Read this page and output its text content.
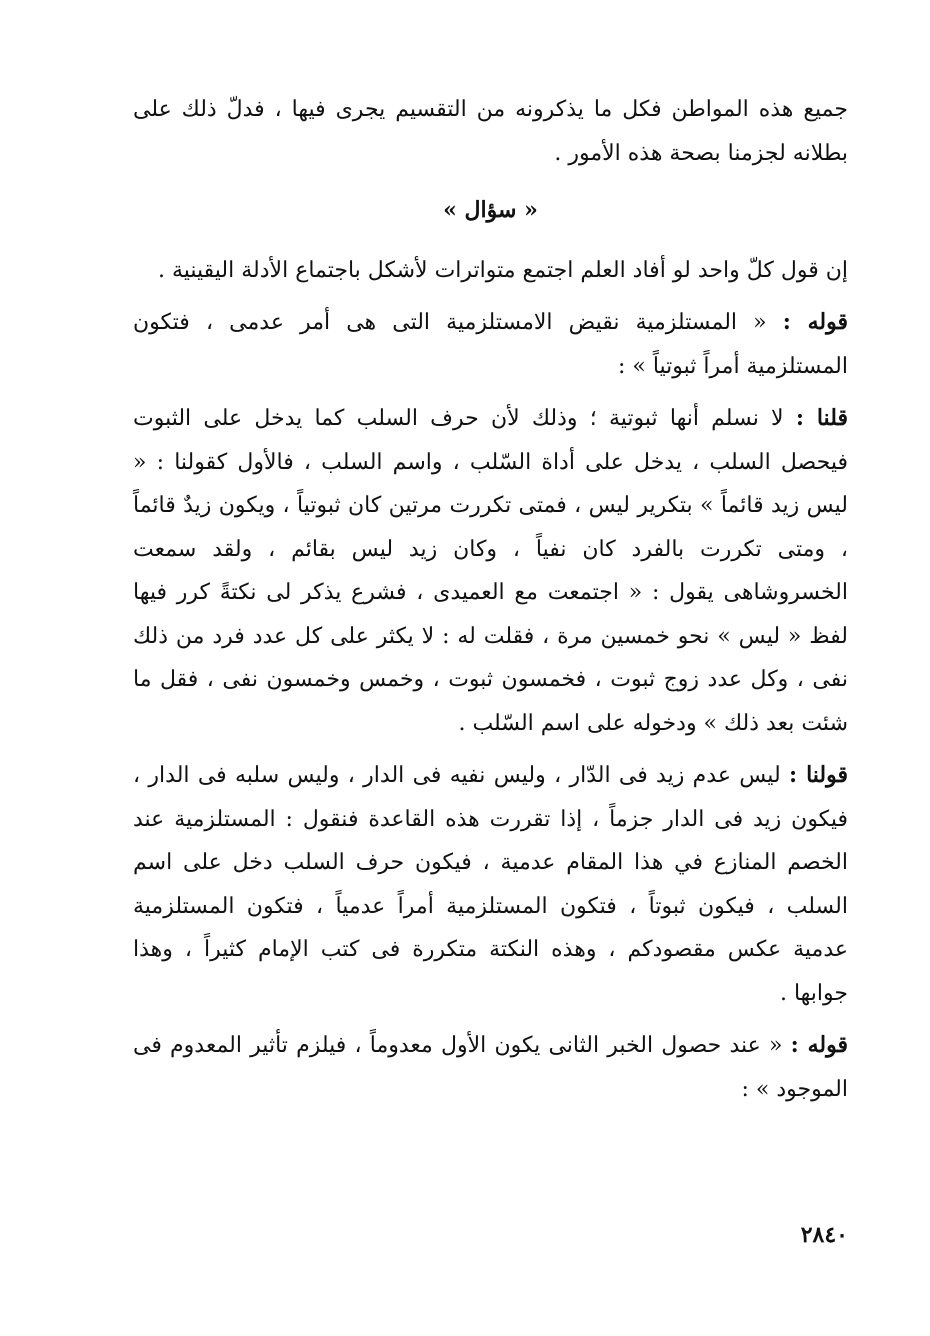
جميع هذه المواطن فكل ما يذكرونه من التقسيم يجرى فيها ، فدلّ ذلك على بطلانه لجزمنا بصحة هذه الأمور .

« سؤال »

إن قول كلّ واحد لو أفاد العلم اجتمع متواترات لأشكل باجتماع الأدلة اليقينية .

قوله : « المستلزمية نقيض الامستلزمية التى هى أمر عدمى ، فتكون المستلزمية أمراً ثبوتياً » :

قلنا : لا نسلم أنها ثبوتية ؛ وذلك لأن حرف السلب كما يدخل على الثبوت فيحصل السلب ، يدخل على أداة السّلب ، واسم السلب ، فالأول كقولنا : « ليس زيد قائماً » بتكرير ليس ، فمتى تكررت مرتين كان ثبوتياً ، ويكون زيدٌ قائماً ، ومتى تكررت بالفرد كان نفياً ، وكان زيد ليس بقائم ، ولقد سمعت الخسروشاهى يقول : « اجتمعت مع العميدى ، فشرع يذكر لى نكتةً كرر فيها لفظ « ليس » نحو خمسين مرة ، فقلت له : لا يكثر على كل عدد فرد من ذلك نفى ، وكل عدد زوج ثبوت ، فخمسون ثبوت ، وخمس وخمسون نفى ، فقل ما شئت بعد ذلك » ودخوله على اسم السّلب .

قولنا : ليس عدم زيد فى الدّار ، وليس نفيه فى الدار ، وليس سلبه فى الدار ، فيكون زيد فى الدار جزماً ، إذا تقررت هذه القاعدة فنقول : المستلزمية عند الخصم المنازع في هذا المقام عدمية ، فيكون حرف السلب دخل على اسم السلب ، فيكون ثبوتاً ، فتكون المستلزمية أمراً عدمياً ، فتكون المستلزمية عدمية عكس مقصودكم ، وهذه النكتة متكررة فى كتب الإمام كثيراً ، وهذا جوابها .

قوله : « عند حصول الخبر الثانى يكون الأول معدوماً ، فيلزم تأثير المعدوم فى الموجود » :

٢٨٤٠
